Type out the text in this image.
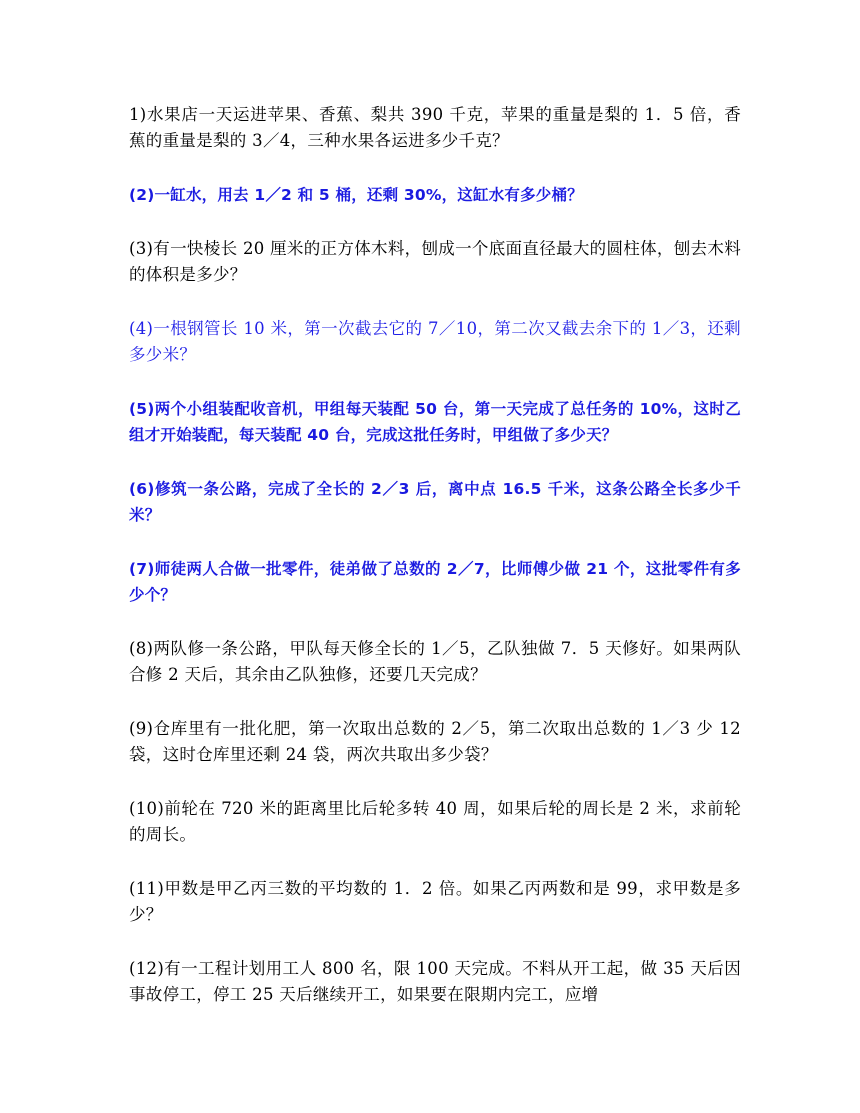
1)水果店一天运进苹果、香蕉、梨共 390 千克，苹果的重量是梨的 1．5 倍，香蕉的重量是梨的 3／4，三种水果各运进多少千克？

(2)一缸水，用去 1／2 和 5 桶，还剩 30%，这缸水有多少桶？

(3)有一快棱长 20 厘米的正方体木料，刨成一个底面直径最大的圆柱体，刨去木料的体积是多少？

(4)一根钢管长 10 米，第一次截去它的 7／10，第二次又截去余下的 1／3，还剩多少米？

(5)两个小组装配收音机，甲组每天装配 50 台，第一天完成了总任务的 10%，这时乙组才开始装配，每天装配 40 台，完成这批任务时，甲组做了多少天？

(6)修筑一条公路，完成了全长的 2／3 后，离中点 16.5 千米，这条公路全长多少千米？

(7)师徒两人合做一批零件，徒弟做了总数的 2／7，比师傅少做 21 个，这批零件有多少个？

(8)两队修一条公路，甲队每天修全长的 1／5，乙队独做 7．5 天修好。如果两队合修 2 天后，其余由乙队独修，还要几天完成？

(9)仓库里有一批化肥，第一次取出总数的 2／5，第二次取出总数的 1／3 少 12 袋，这时仓库里还剩 24 袋，两次共取出多少袋？

(10)前轮在 720 米的距离里比后轮多转 40 周，如果后轮的周长是 2 米，求前轮的周长。

(11)甲数是甲乙丙三数的平均数的 1．2 倍。如果乙丙两数和是 99，求甲数是多少？

(12)有一工程计划用工人 800 名，限 100 天完成。不料从开工起，做 35 天后因事故停工，停工 25 天后继续开工，如果要在限期内完工，应增
